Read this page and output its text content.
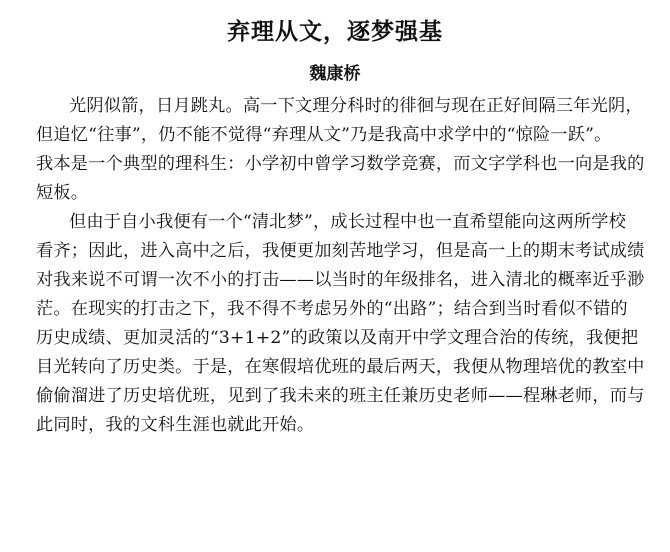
弃理从文，逐梦强基
魏康桥
光阴似箭，日月跳丸。高一下文理分科时的徘徊与现在正好间隔三年光阴，
但追忆“往事”，仍不能不觉得“弃理从文”乃是我高中求学中的“惊险一跃”。
我本是一个典型的理科生：小学初中曾学习数学竞赛，而文字学科也一向是我的
短板。
但由于自小我便有一个“清北梦”，成长过程中也一直希望能向这两所学校
看齐；因此，进入高中之后，我便更加刻苦地学习，但是高一上的期末考试成绩
对我来说不可谓一次不小的打击——以当时的年级排名，进入清北的概率近乎渺
茫。在现实的打击之下，我不得不考虑另外的“出路”；结合到当时看似不错的
历史成绩、更加灵活的“3+1+2”的政策以及南开中学文理合治的传统，我便把
目光转向了历史类。于是，在寒假培优班的最后两天，我便从物理培优的教室中
偷偷溜进了历史培优班，见到了我未来的班主任兼历史老师——程琳老师，而与
此同时，我的文科生涯也就此开始。
